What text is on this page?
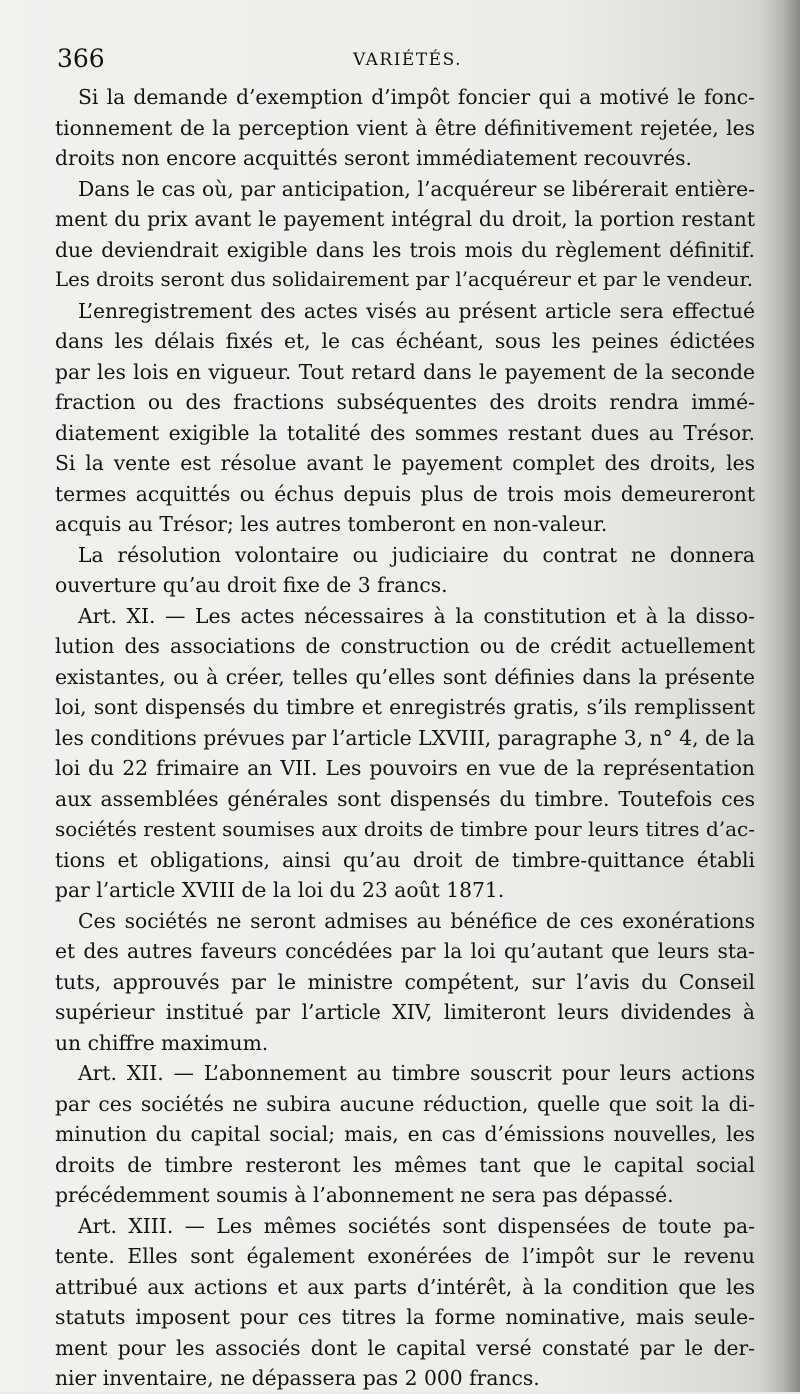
366	VARIÉTÉS.
Si la demande d’exemption d’impôt foncier qui a motivé le fonc-
tionnement de la perception vient à être définitivement rejetée, les
droits non encore acquittés seront immédiatement recouvrés.
Dans le cas où, par anticipation, l’acquéreur se libérerait entière-
ment du prix avant le payement intégral du droit, la portion restant
due deviendrait exigible dans les trois mois du règlement définitif.
Les droits seront dus solidairement par l’acquéreur et par le vendeur.
L’enregistrement des actes visés au présent article sera effectué
dans les délais fixés et, le cas échéant, sous les peines édictées
par les lois en vigueur. Tout retard dans le payement de la seconde
fraction ou des fractions subséquentes des droits rendra immé-
diatement exigible la totalité des sommes restant dues au Trésor.
Si la vente est résolue avant le payement complet des droits, les
termes acquittés ou échus depuis plus de trois mois demeureront
acquis au Trésor; les autres tomberont en non-valeur.
La résolution volontaire ou judiciaire du contrat ne donnera
ouverture qu’au droit fixe de 3 francs.
Art. XI. — Les actes nécessaires à la constitution et à la disso-
lution des associations de construction ou de crédit actuellement
existantes, ou à créer, telles qu’elles sont définies dans la présente
loi, sont dispensés du timbre et enregistrés gratis, s’ils remplissent
les conditions prévues par l’article LXVIII, paragraphe 3, n° 4, de la
loi du 22 frimaire an VII. Les pouvoirs en vue de la représentation
aux assemblées générales sont dispensés du timbre. Toutefois ces
sociétés restent soumises aux droits de timbre pour leurs titres d’ac-
tions et obligations, ainsi qu’au droit de timbre-quittance établi
par l’article XVIII de la loi du 23 août 1871.
Ces sociétés ne seront admises au bénéfice de ces exonérations
et des autres faveurs concédées par la loi qu’autant que leurs sta-
tuts, approuvés par le ministre compétent, sur l’avis du Conseil
supérieur institué par l’article XIV, limiteront leurs dividendes à
un chiffre maximum.
Art. XII. — L’abonnement au timbre souscrit pour leurs actions
par ces sociétés ne subira aucune réduction, quelle que soit la di-
minution du capital social; mais, en cas d’émissions nouvelles, les
droits de timbre resteront les mêmes tant que le capital social
précédemment soumis à l’abonnement ne sera pas dépassé.
Art. XIII. — Les mêmes sociétés sont dispensées de toute pa-
tente. Elles sont également exonérées de l’impôt sur le revenu
attribué aux actions et aux parts d’intérêt, à la condition que les
statuts imposent pour ces titres la forme nominative, mais seule-
ment pour les associés dont le capital versé constaté par le der-
nier inventaire, ne dépassera pas 2 000 francs.
